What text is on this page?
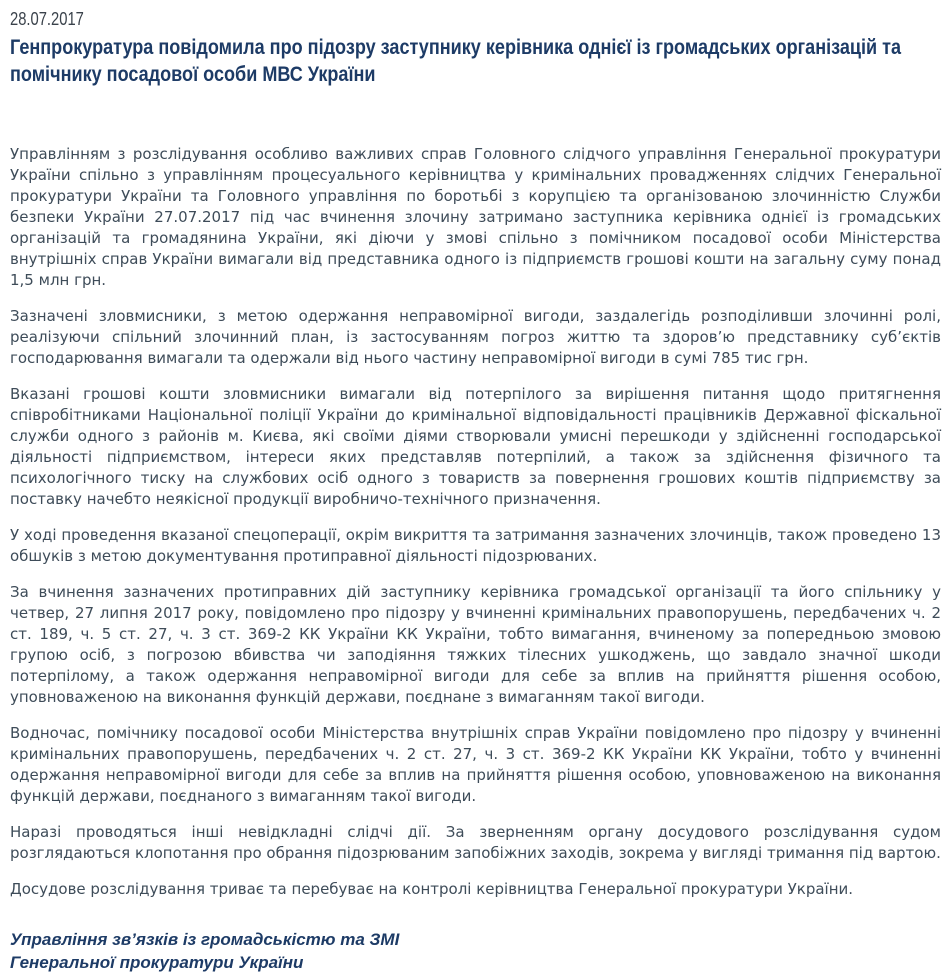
28.07.2017
Генпрокуратура повідомила про підозру заступнику керівника однієї із громадських організацій та помічнику посадової особи МВС України

Управлінням з розслідування особливо важливих справ Головного слідчого управління Генеральної прокуратури України спільно з управлінням процесуального керівництва у кримінальних провадженнях слідчих Генеральної прокуратури України та Головного управління по боротьбі з корупцією та організованою злочинністю Служби безпеки України 27.07.2017 під час вчинення злочину затримано заступника керівника однієї із громадських організацій та громадянина України, які діючи у змові спільно з помічником посадової особи Міністерства внутрішніх справ України вимагали від представника одного із підприємств грошові кошти на загальну суму понад 1,5 млн грн.

Зазначені зловмисники, з метою одержання неправомірної вигоди, заздалегідь розподіливши злочинні ролі, реалізуючи спільний злочинний план, із застосуванням погроз життю та здоров’ю представнику суб’єктів господарювання вимагали та одержали від нього частину неправомірної вигоди в сумі 785 тис грн.

Вказані грошові кошти зловмисники вимагали від потерпілого за вирішення питання щодо притягнення співробітниками Національної поліції України до кримінальної відповідальності працівників Державної фіскальної служби одного з районів м. Києва, які своїми діями створювали умисні перешкоди у здійсненні господарської діяльності підприємством, інтереси яких представляв потерпілий, а також за здійснення фізичного та психологічного тиску на службових осіб одного з товариств за повернення грошових коштів підприємству за поставку начебто неякісної продукції виробничо-технічного призначення.

У ході проведення вказаної спецоперації, окрім викриття та затримання зазначених злочинців, також проведено 13 обшуків з метою документування протиправної діяльності підозрюваних.

За вчинення зазначених протиправних дій заступнику керівника громадської організації та його спільнику у четвер, 27 липня 2017 року, повідомлено про підозру у вчиненні кримінальних правопорушень, передбачених ч. 2 ст. 189, ч. 5 ст. 27, ч. 3 ст. 369-2 КК України КК України, тобто вимагання, вчиненому за попередньою змовою групою осіб, з погрозою вбивства чи заподіяння тяжких тілесних ушкоджень, що завдало значної шкоди потерпілому, а також одержання неправомірної вигоди для себе за вплив на прийняття рішення особою, уповноваженою на виконання функцій держави, поєднане з вимаганням такої вигоди.

Водночас, помічнику посадової особи Міністерства внутрішніх справ України повідомлено про підозру у вчиненні кримінальних правопорушень, передбачених ч. 2 ст. 27, ч. 3 ст. 369-2 КК України КК України, тобто у вчиненні одержання неправомірної вигоди для себе за вплив на прийняття рішення особою, уповноваженою на виконання функцій держави, поєднаного з вимаганням такої вигоди.

Наразі проводяться інші невідкладні слідчі дії. За зверненням органу досудового розслідування судом розглядаються клопотання про обрання підозрюваним запобіжних заходів, зокрема у вигляді тримання під вартою.

Досудове розслідування триває та перебуває на контролі керівництва Генеральної прокуратури України.

Управління зв’язків із громадськістю та ЗМІ
Генеральної прокуратури України
